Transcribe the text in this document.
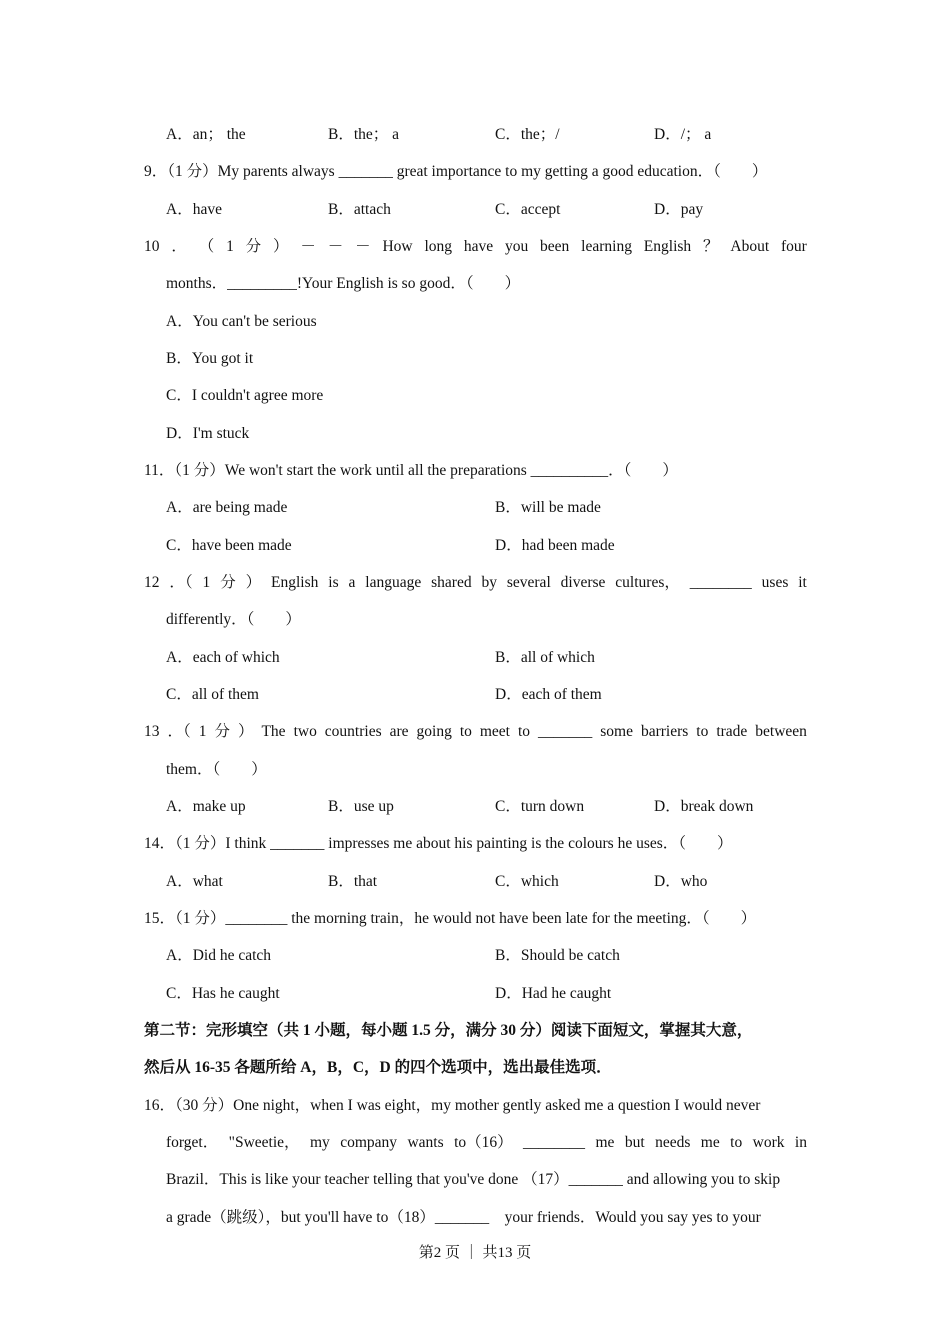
A．an； the	B．the； a	C．the；/	D．/； a
9．（1 分）My parents always _______ great importance to my getting a good education．（　　）
A．have	B．attach	C．accept	D．pay
10 ． （ 1 分 ） － － － How long have you been learning English ？ About four
months．_________!Your English is so good．（　　）
A．You can't be serious
B．You got it
C．I couldn't agree more
D．I'm stuck
11．（1 分）We won't start the work until all the preparations __________．（　　）
A．are being made	B．will be made
C．have been made	D．had been made
12 ．（ 1 分 ） English is a language shared by several diverse cultures， ________ uses it
differently．（　　）
A．each of which	B．all of which
C．all of them	D．each of them
13 ．（ 1 分 ） The two countries are going to meet to _______ some barriers to trade between
them．（　　）
A．make up	B．use up	C．turn down	D．break down
14．（1 分）I think _______ impresses me about his painting is the colours he uses．（　　）
A．what	B．that	C．which	D．who
15．（1 分）________ the morning train，he would not have been late for the meeting．（　　）
A．Did he catch	B．Should be catch
C．Has he caught	D．Had he caught
第二节：完形填空（共 1 小题，每小题 1.5 分，满分 30 分）阅读下面短文，掌握其大意，
然后从 16-35 各题所给 A，B，C，D 的四个选项中，选出最佳选项．
16．（30 分）One night，when I was eight，my mother gently asked me a question I would never
forget． "Sweetie， my company wants to（16） ________ me but needs me to work in
Brazil．This is like your teacher telling that you've done （17）_______ and allowing you to skip
a grade（跳级），but you'll have to（18）_______　your friends．Would you say yes to your
第2 页 ｜ 共13 页
